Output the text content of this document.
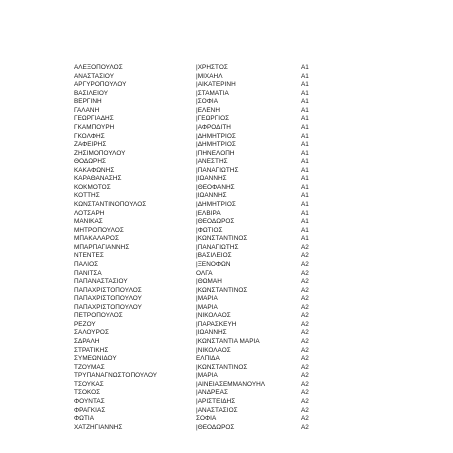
ΑΛΕΞΟΠΟΥΛΟΣ	|ΧΡΗΣΤΟΣ	Α1
ΑΝΑΣΤΑΣΙΟΥ	|ΜΙΧΑΗΛ	Α1
ΑΡΓΥΡΟΠΟΥΛΟΥ	|ΑΙΚΑΤΕΡΙΝΗ	Α1
ΒΑΣΙΛΕΙΟΥ	|ΣΤΑΜΑΤΙΑ	Α1
ΒΕΡΓΙΝΗ	|ΣΟΦΙΑ	Α1
ΓΑΛΑΝΗ	|ΕΛΕΝΗ	Α1
ΓΕΩΡΓΙΑΔΗΣ	|ΓΕΩΡΓΙΟΣ	Α1
ΓΚΑΜΠΟΥΡΗ	|ΑΦΡΟΔΙΤΗ	Α1
ΓΚΟΛΦΗΣ	|ΔΗΜΗΤΡΙΟΣ	Α1
ΖΑΦΕΙΡΗΣ	|ΔΗΜΗΤΡΙΟΣ	Α1
ΖΗΣΙΜΟΠΟΥΛΟΥ	|ΠΗΝΕΛΟΠΗ	Α1
ΘΟΔΩΡΗΣ	|ΑΝΕΣΤΗΣ	Α1
ΚΑΚΑΦΩΝΗΣ	|ΠΑΝΑΓΙΩΤΗΣ	Α1
ΚΑΡΑΘΑΝΑΣΗΣ	|ΙΩΑΝΝΗΣ	Α1
ΚΟΚΜΟΤΟΣ	|ΘΕΟΦΑΝΗΣ	Α1
ΚΟΤΤΗΣ	|ΙΩΑΝΝΗΣ	Α1
ΚΩΝΣΤΑΝΤΙΝΟΠΟΥΛΟΣ	|ΔΗΜΗΤΡΙΟΣ	Α1
ΛΟΤΣΑΡΗ	|ΕΛΒΙΡΑ	Α1
ΜΑΝΙΚΑΣ	|ΘΕΟΔΩΡΟΣ	Α1
ΜΗΤΡΟΠΟΥΛΟΣ	|ΦΩΤΙΟΣ	Α1
ΜΠΑΚΑΛΑΡΟΣ	|ΚΩΝΣΤΑΝΤΙΝΟΣ	Α1
ΜΠΑΡΠΑΓΙΑΝΝΗΣ	|ΠΑΝΑΓΙΩΤΗΣ	Α2
ΝΤΕΝΤΕΣ	|ΒΑΣΙΛΕΙΟΣ	Α2
ΠΑΛΙΟΣ	|ΞΕΝΟΦΩΝ	Α2
ΠΑΝΙΤΣΑ	ΟΛΓΑ	Α2
ΠΑΠΑΝΑΣΤΑΣΙΟΥ	|ΘΩΜΑΗ	Α2
ΠΑΠΑΧΡΙΣΤΟΠΟΥΛΟΣ	|ΚΩΝΣΤΑΝΤΙΝΟΣ	Α2
ΠΑΠΑΧΡΙΣΤΟΠΟΥΛΟΥ	|ΜΑΡΙΑ	Α2
ΠΑΠΑΧΡΙΣΤΟΠΟΥΛΟΥ	|ΜΑΡΙΑ	Α2
ΠΕΤΡΟΠΟΥΛΟΣ	|ΝΙΚΟΛΑΟΣ	Α2
ΡΕΖΟΥ	|ΠΑΡΑΣΚΕΥΗ	Α2
ΣΑΛΟΥΡΟΣ	|ΙΩΑΝΝΗΣ	Α2
ΣΔΡΑΛΗ	|ΚΩΝΣΤΑΝΤΙΑ ΜΑΡΙΑ	Α2
ΣΤΡΑΤΙΚΗΣ	|ΝΙΚΟΛΑΟΣ	Α2
ΣΥΜΕΩΝΙΔΟΥ	ΕΛΠΙΔΑ	Α2
ΤΖΟΥΜΑΣ	|ΚΩΝΣΤΑΝΤΙΝΟΣ	Α2
ΤΡΥΠΑΝΑΓΝΩΣΤΟΠΟΥΛΟΥ	|ΜΑΡΙΑ	Α2
ΤΣΟΥΚΑΣ	|ΑΙΝΕΙΑΣΕΜΜΑΝΟΥΗΛ	Α2
ΤΣΟΚΟΣ	|ΑΝΔΡΕΑΣ	Α2
ΦΟΥΝΤΑΣ	|ΑΡΙΣΤΕΙΔΗΣ	Α2
ΦΡΑΓΚΙΑΣ	|ΑΝΑΣΤΑΣΙΟΣ	Α2
ΦΩΤΙΑ	ΣΟΦΙΑ	Α2
ΧΑΤΖΗΓΙΑΝΝΗΣ	|ΘΕΟΔΩΡΟΣ	Α2
